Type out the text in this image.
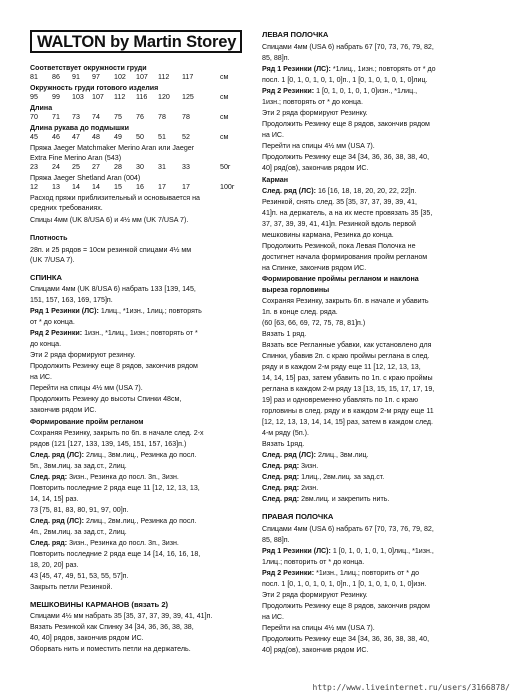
WALTON by Martin Storey
http://www.liveinternet.ru/users/3166878/
Соответствует окружности груди
81 86 91 97 102 107 112 117	см
Окружность груди готового изделия
95 99 103 107 112 116 120 125	см
Длина
70 71 73 74 75 76 78 78	см
Длина рукава до подмышки
45 46 47 48 49 50 51 52	см
Пряжа Jaeger Matchmaker Merino Aran или Jaeger
Extra Fine Merino Aran (543)
23 24 25 27 28 30 31 33	50г
Пряжа Jaeger Shetland Aran (004)
12 13 14 14 15 16 17 17	100г
Расход пряжи приблизительный и основывается на
средних требованиях.
Спицы 4мм (UK 8/USA 6) и 4½ мм (UK 7/USA 7).
Плотность
28п. и 25 рядов = 10см резинкой спицами 4½ мм
(UK 7/USA 7).
СПИНКА
Спицами 4мм (UK 8/USA 6) набрать 133 [139, 145,
151, 157, 163, 169, 175]п.
Ряд 1 Резинки (ЛС): 1лиц., *1изн., 1лиц.; повторять
от * до конца.
Ряд 2 Резинки: 1изн., *1лиц., 1изн.; повторять от *
до конца.
Эти 2 ряда формируют резинку.
Продолжить Резинку еще 8 рядов, закончив рядом
на ИС.
Перейти на спицы 4½ мм (USA 7).
Продолжить Резинку до высоты Спинки 48см,
закончив рядом ИС.
Формирование пройм регланом
Сохраняя Резинку, закрыть по 6п. в начале след. 2-х
рядов (121 [127, 133, 139, 145, 151, 157, 163]п.)
След. ряд (ЛС): 2лиц., 3вм.лиц., Резинка до посл.
5п., 3вм.лиц. за зад.ст., 2лиц.
След. ряд: 3изн., Резинка до посл. 3п., 3изн.
Повторить последние 2 ряда еще 11 [12, 12, 13, 13,
14, 14, 15] раз.
73 [75, 81, 83, 80, 91, 97, 00]п.
След. ряд (ЛС): 2лиц., 2вм.лиц., Резинка до посл.
4п., 2вм.лиц. за зад.ст., 2лиц.
След. ряд: 3изн., Резинка до посл. 3п., 3изн.
Повторить последние 2 ряда еще 14 [14, 16, 16, 18,
18, 20, 20] раз.
43 [45, 47, 49, 51, 53, 55, 57]п.
Закрыть петли Резинкой.
МЕШКОВИНЫ КАРМАНОВ (вязать 2)
Спицами 4½ мм набрать 35 [35, 37, 37, 39, 39, 41, 41]п.
Вязать Резинкой как Спинку 34 [34, 36, 36, 38, 38,
40, 40] рядов, закончив рядом ИС.
Оборвать нить и поместить петли на держатель.
ЛЕВАЯ ПОЛОЧКА
Спицами 4мм (USA 6) набрать 67 [70, 73, 76, 79, 82,
85, 88]п.
Ряд 1 Резинки (ЛС): *1лиц., 1изн.; повторять от * до
посл. 1 [0, 1, 0, 1, 0, 1, 0]п., 1 [0, 1, 0, 1, 0, 1, 0]лиц.
Ряд 2 Резинки: 1 [0, 1, 0, 1, 0, 1, 0]изн., *1лиц.,
1изн.; повторять от * до конца.
Эти 2 ряда формируют Резинку.
Продолжить Резинку еще 8 рядов, закончив рядом
на ИС.
Перейти на спицы 4½ мм (USA 7).
Продолжить Резинку еще 34 [34, 36, 36, 38, 38, 40,
40] ряд(ов), закончив рядом ИС.
Карман
След. ряд (ЛС): 16 [16, 18, 18, 20, 20, 22, 22]п.
Резинкой, снять след. 35 [35, 37, 37, 39, 39, 41,
41]п. на держатель, а на их месте провязать 35 [35,
37, 37, 39, 39, 41, 41]п. Резинкой вдоль первой
мешковины кармана, Резинка до конца.
Продолжить Резинкой, пока Левая Полочка не
достигнет начала формирования пройм регланом
на Спинке, закончив рядом ИС.
Формирование проймы регланом и наклона
выреза горловины
Сохраняя Резинку, закрыть 6п. в начале и убавить
1п. в конце след. ряда.
(60 [63, 66, 69, 72, 75, 78, 81]п.)
Вязать 1 ряд.
Вязать все Регланные убавки, как установлено для
Спинки, убавив 2п. с краю проймы реглана в след.
ряду и в каждом 2-м ряду еще 11 [12, 12, 13, 13,
14, 14, 15] раз, затем убавить по 1п. с краю проймы
реглана в каждом 2-м ряду 13 [13, 15, 15, 17, 17, 19,
19] раз и одновременно убавлять по 1п. с краю
горловины в след. ряду и в каждом 2-м ряду еще 11
[12, 12, 13, 13, 14, 14, 15] раз, затем в каждом след.
4-м ряду (5п.).
Вязать 1ряд.
След. ряд (ЛС): 2лиц., 3вм.лиц.
След. ряд: 3изн.
След. ряд: 1лиц., 2вм.лиц. за зад.ст.
След. ряд: 2изн.
След. ряд: 2вм.лиц. и закрепить нить.
ПРАВАЯ ПОЛОЧКА
Спицами 4мм (USA 6) набрать 67 [70, 73, 76, 79, 82,
85, 88]п.
Ряд 1 Резинки (ЛС): 1 [0, 1, 0, 1, 0, 1, 0]лиц., *1изн.,
1лиц.; повторить от * до конца.
Ряд 2 Резинки: *1изн., 1лиц.; повторить от * до
посл. 1 [0, 1, 0, 1, 0, 1, 0]п., 1 [0, 1, 0, 1, 0, 1, 0]изн.
Эти 2 ряда формируют Резинку.
Продолжить Резинку еще 8 рядов, закончив рядом
на ИС.
Перейти на спицы 4½ мм (USA 7).
Продолжить Резинку еще 34 [34, 36, 36, 38, 38, 40,
40] ряд(ов), закончив рядом ИС.
